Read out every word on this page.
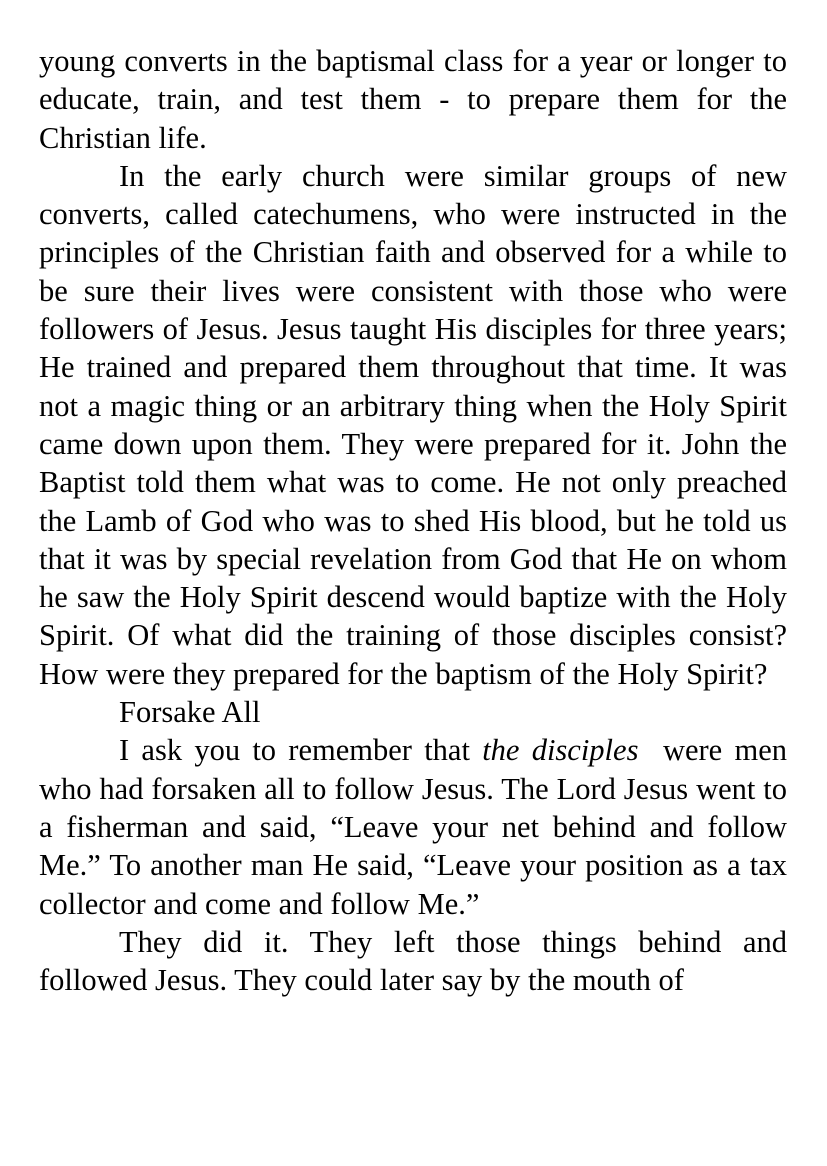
young converts in the baptismal class for a year or longer to educate, train, and test them - to prepare them for the Christian life.

In the early church were similar groups of new converts, called catechumens, who were instructed in the principles of the Christian faith and observed for a while to be sure their lives were consistent with those who were followers of Jesus. Jesus taught His disciples for three years; He trained and prepared them throughout that time. It was not a magic thing or an arbitrary thing when the Holy Spirit came down upon them. They were prepared for it. John the Baptist told them what was to come. He not only preached the Lamb of God who was to shed His blood, but he told us that it was by special revelation from God that He on whom he saw the Holy Spirit descend would baptize with the Holy Spirit. Of what did the training of those disciples consist? How were they prepared for the baptism of the Holy Spirit?

Forsake All

I ask you to remember that the disciples  were men who had forsaken all to follow Jesus. The Lord Jesus went to a fisherman and said, “Leave your net behind and follow Me.” To another man He said, “Leave your position as a tax collector and come and follow Me.”

They did it. They left those things behind and followed Jesus. They could later say by the mouth of
